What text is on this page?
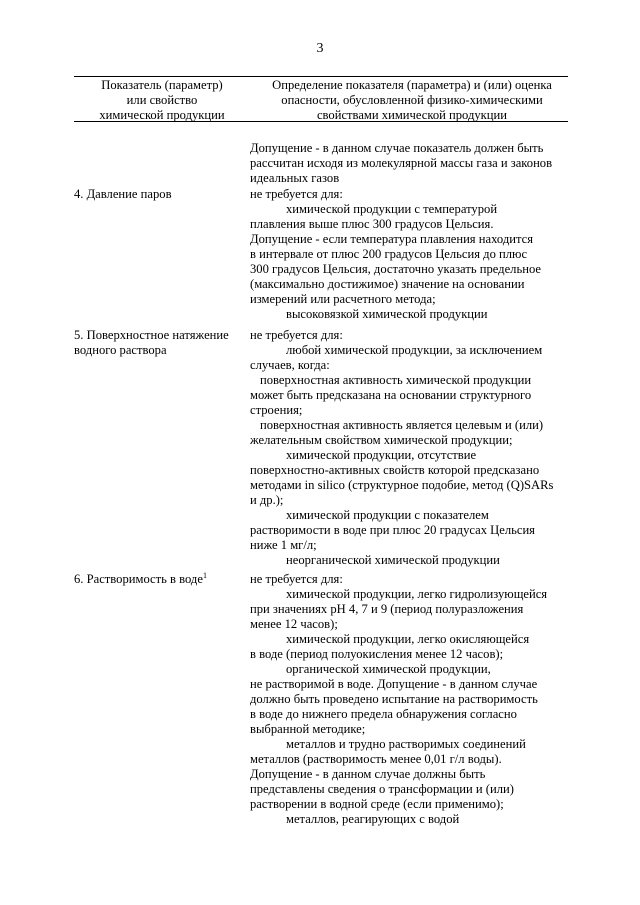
3
Показатель (параметр)
или свойство
химической продукции
Определение показателя (параметра) и (или) оценка
опасности, обусловленной физико-химическими
свойствами химической продукции
Допущение - в данном случае показатель должен быть
рассчитан исходя из молекулярной массы газа и законов
идеальных газов
4. Давление паров	не требуется для:
химической продукции с температурой
плавления выше плюс 300 градусов Цельсия.
Допущение - если температура плавления находится
в интервале от плюс 200 градусов Цельсия до плюс
300 градусов Цельсия, достаточно указать предельное
(максимально достижимое) значение на основании
измерений или расчетного метода;
высоковязкой химической продукции
5. Поверхностное натяжение
водного раствора
не требуется для:
любой химической продукции, за исключением
случаев, когда:
поверхностная активность химической продукции
может быть предсказана на основании структурного
строения;
поверхностная активность является целевым и (или)
желательным свойством химической продукции;
химической продукции, отсутствие
поверхностно-активных свойств которой предсказано
методами in silico (структурное подобие, метод (Q)SARs
и др.);
химической продукции с показателем
растворимости в воде при плюс 20 градусах Цельсия
ниже 1 мг/л;
неорганической химической продукции
6. Растворимость в воде$^1$	не требуется для:
химической продукции, легко гидролизующейся
при значениях pH 4, 7 и 9 (период полуразложения
менее 12 часов);
химической продукции, легко окисляющейся
в воде (период полуокисления менее 12 часов);
органической химической продукции,
не растворимой в воде. Допущение - в данном случае
должно быть проведено испытание на растворимость
в воде до нижнего предела обнаружения согласно
выбранной методике;
металлов и трудно растворимых соединений
металлов (растворимость менее 0,01 г/л воды).
Допущение - в данном случае должны быть
представлены сведения о трансформации и (или)
растворении в водной среде (если применимо);
металлов, реагирующих с водой
